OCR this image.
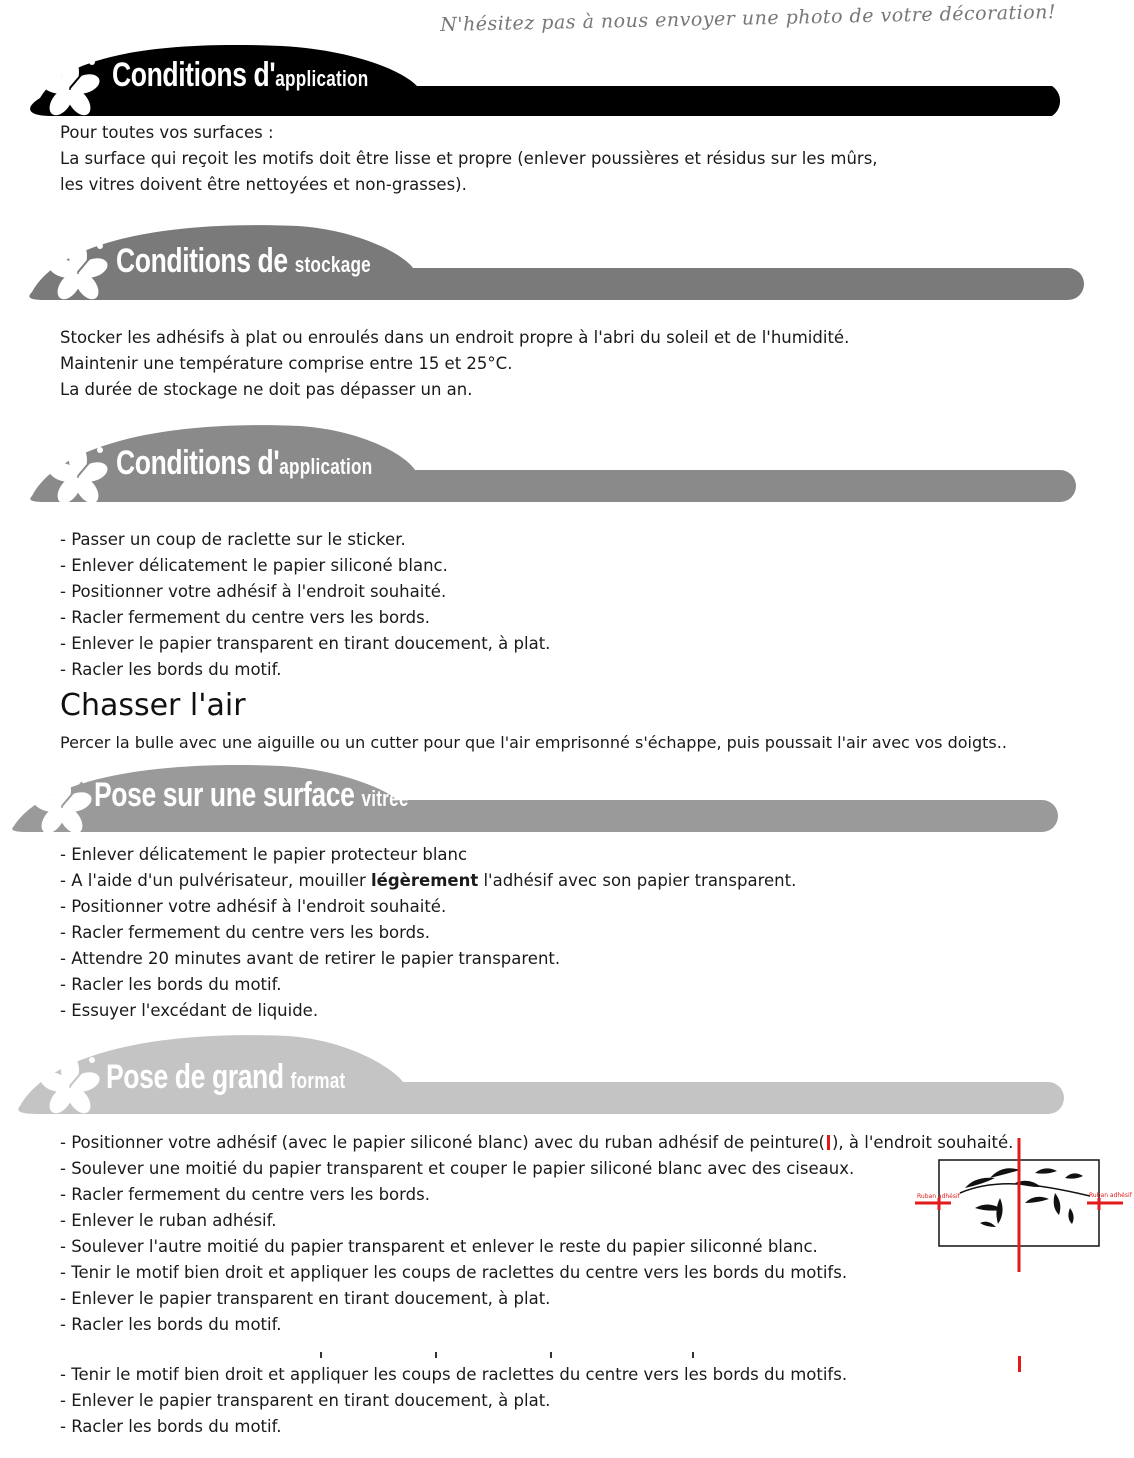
N'hésitez pas à nous envoyer une photo de votre décoration!
Conditions d'application
Pour toutes vos surfaces :
La surface qui reçoit les motifs doit être lisse et propre (enlever poussières et résidus sur les mûrs,
les vitres doivent être nettoyées et non-grasses).
Conditions de stockage
Stocker les adhésifs à plat ou enroulés dans un endroit propre à l'abri du soleil et de l'humidité.
Maintenir une température comprise entre 15 et 25°C.
La durée de stockage ne doit pas dépasser un an.
Conditions d'application
- Passer un coup de raclette sur le sticker.
- Enlever délicatement le papier siliconé blanc.
- Positionner votre adhésif à l'endroit souhaité.
- Racler fermement du centre vers les bords.
- Enlever le papier transparent en tirant doucement, à plat.
- Racler les bords du motif.
Chasser l'air
Percer la bulle avec une aiguille ou un cutter pour que l'air emprisonné s'échappe, puis poussait l'air avec vos doigts..
Pose sur une surface vitrée
- Enlever délicatement le papier protecteur blanc
- A l'aide d'un pulvérisateur, mouiller légèrement l'adhésif avec son papier transparent.
- Positionner votre adhésif à l'endroit souhaité.
- Racler fermement du centre vers les bords.
- Attendre 20 minutes avant de retirer le papier transparent.
- Racler les bords du motif.
- Essuyer l'excédant de liquide.
Pose de grand format
- Positionner votre adhésif (avec le papier siliconé blanc) avec du ruban adhésif de peinture( ), à l'endroit souhaité.
- Soulever une moitié du papier transparent et couper le papier siliconé blanc avec des ciseaux.
- Racler fermement du centre vers les bords.
- Enlever le ruban adhésif.
- Soulever l'autre moitié du papier transparent et enlever le reste du papier siliconné blanc.
- Tenir le motif bien droit et appliquer les coups de raclettes du centre vers les bords du motifs.
- Enlever le papier transparent en tirant doucement, à plat.
- Racler les bords du motif.
Ruban adhésif	Ruban adhésif
- Tenir le motif bien droit et appliquer les coups de raclettes du centre vers les bords du motifs.
- Enlever le papier transparent en tirant doucement, à plat.
- Racler les bords du motif.
